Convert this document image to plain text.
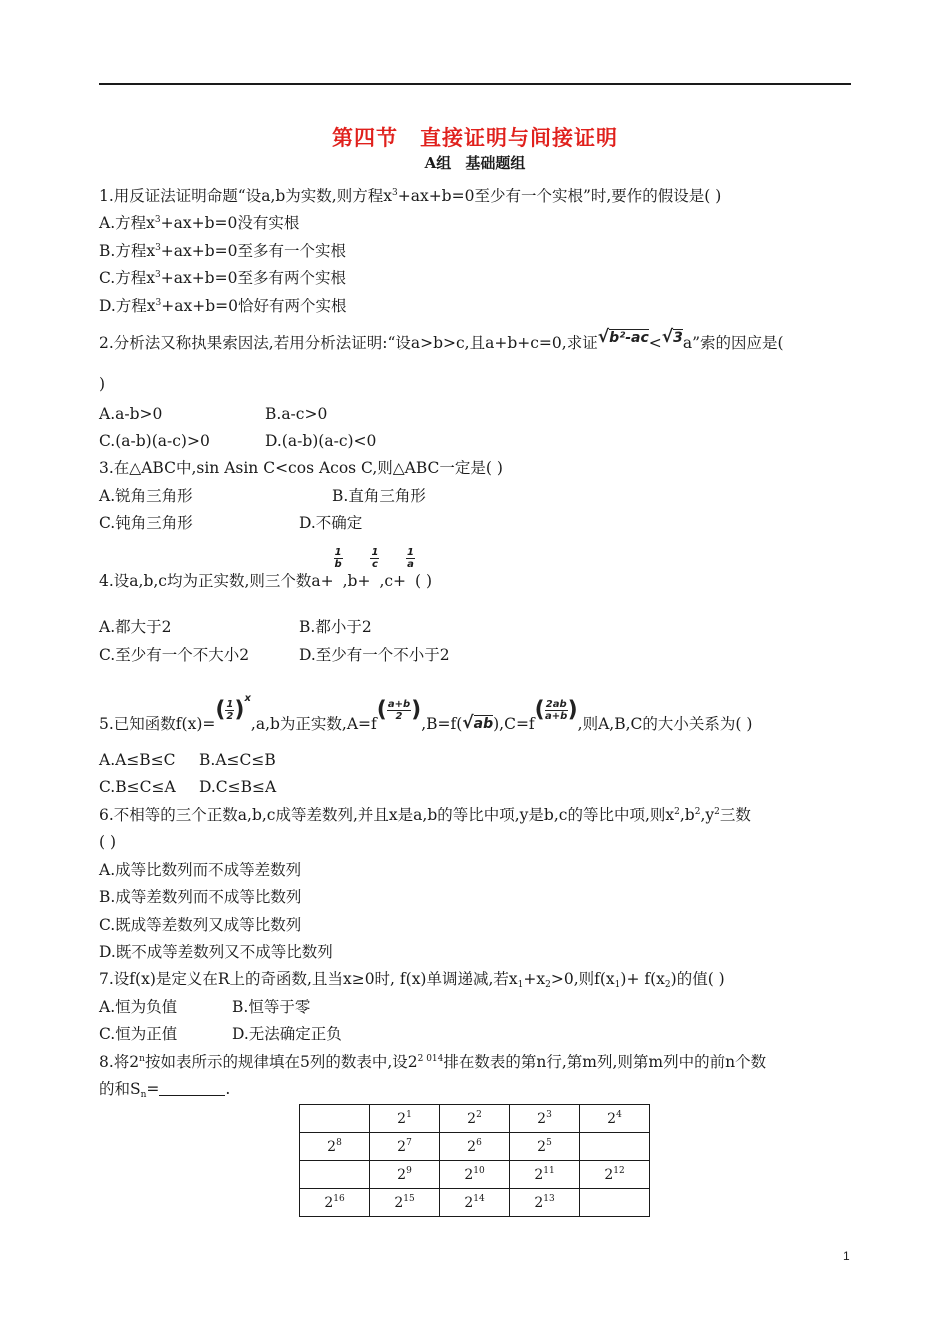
第四节 直接证明与间接证明
A组 基础题组
1.用反证法证明命题“设a,b为实数,则方程$x^3+ax+b=0$至少有一个实根”时,要作的假设是( )
A.方程$x^3+ax+b=0$没有实根
B.方程$x^3+ax+b=0$至多有一个实根
C.方程$x^3+ax+b=0$至多有两个实根
D.方程$x^3+ax+b=0$恰好有两个实根
2.分析法又称执果索因法,若用分析法证明:“设a>b>c,且a+b+c=0,求证√b²-ac<√3a”索的因应是(
)
A.a-b>0	B.a-c>0
C.(a-b)(a-c)>0	D.(a-b)(a-c)<0
3.在△ABC中,sin Asin C<cos Acos C,则△ABC一定是( )
A.锐角三角形	B.直角三角形
C.钝角三角形	D.不确定
4.设a,b,c均为正实数,则三个数a+
$\frac{1}{b}$
,b+
$\frac{1}{c}$
,c+
$\frac{1}{a}$
( )
A.都大于2	B.都小于2
C.至少有一个不大小2	D.至少有一个不小于2
5.已知函数$f(x)=( \frac{1}{2} )^x,a,b$为正实数$,A=f( \frac{a+b}{2} ),B=f(√ab),C=f( \frac{2ab}{a+b}$ ),则A,B,C的大小关系为( )
A.A≤B≤C B.A≤C≤B
C.B≤C≤A D.C≤B≤A
6.不相等的三个正数a,b,c成等差数列,并且x是a,b的等比中项,y是b,c的等比中项,则$x^2,b^2,y^2$三数
( )
A.成等比数列而不成等差数列
B.成等差数列而不成等比数列
C.既成等差数列又成等比数列
D.既不成等差数列又不成等比数列
7.设f(x)是定义在R上的奇函数,且当x≥0时, f(x)单调递减,若$x_1+x_2>0$,则$f(x_1)+ f(x_2)$的值( )
A.恒为负值	B.恒等于零
C.恒为正值	D.无法确定正负
8.将2$^n$按如表所示的规律填在5列的数表中,设$2^{2 014}$排在数表的第n行,第m列,则第m列中的前n个数
的和$S_n=$	.
	$2^1$	$2^2$	$2^3$	$2^4$
$2^8$	$2^7$	$2^6$	$2^5$	
	$2^9$	$2^{10}$	$2^{11}$	$2^{12}$
$2^{16}$	$2^{15}$	$2^{14}$	$2^{13}$	
1
